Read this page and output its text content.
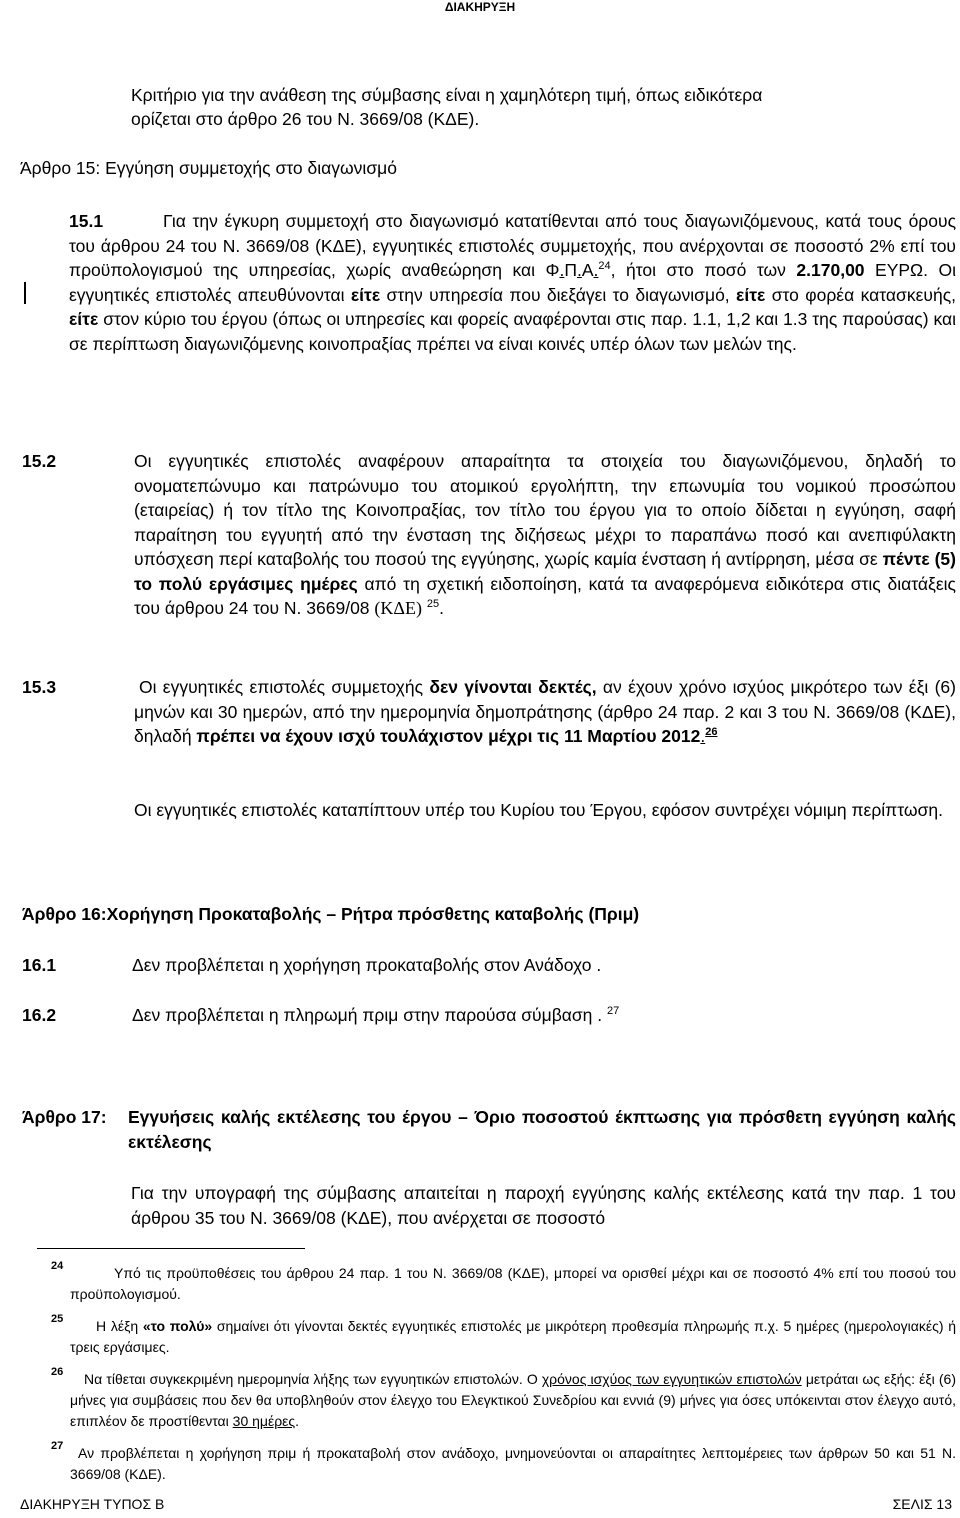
ΔΙΑΚΗΡΥΞΗ
Κριτήριο για την ανάθεση της σύμβασης είναι η χαμηλότερη τιμή, όπως ειδικότερα
ορίζεται στο άρθρο 26 του Ν. 3669/08 (ΚΔΕ).
Άρθρο 15: Εγγύηση συμμετοχής στο διαγωνισμό
15.1	Για την έγκυρη συμμετοχή στο διαγωνισμό κατατίθενται από τους διαγωνιζόμενους, κατά τους όρους του άρθρου 24 του Ν. 3669/08 (ΚΔΕ), εγγυητικές επιστολές συμμετοχής, που ανέρχονται σε ποσοστό 2% επί του προϋπολογισμού της υπηρεσίας, χωρίς αναθεώρηση και Φ.Π.Α.$^{24}$, ήτοι στο ποσό των 2.170,00 ΕΥΡΩ. Οι εγγυητικές επιστολές απευθύνονται είτε στην υπηρεσία που διεξάγει το διαγωνισμό, είτε στο φορέα κατασκευής, είτε στον κύριο του έργου (όπως οι υπηρεσίες και φορείς αναφέρονται στις παρ. 1.1, 1,2 και 1.3 της παρούσας) και σε περίπτωση διαγωνιζόμενης κοινοπραξίας πρέπει να είναι κοινές υπέρ όλων των μελών της.
15.2	Οι εγγυητικές επιστολές αναφέρουν απαραίτητα τα στοιχεία του διαγωνιζόμενου, δηλαδή το ονοματεπώνυμο και πατρώνυμο του ατομικού εργολήπτη, την επωνυμία του νομικού προσώπου (εταιρείας) ή τον τίτλο της Κοινοπραξίας, τον τίτλο του έργου για το οποίο δίδεται η εγγύηση, σαφή παραίτηση του εγγυητή από την ένσταση της διζήσεως μέχρι το παραπάνω ποσό και ανεπιφύλακτη υπόσχεση περί καταβολής του ποσού της εγγύησης, χωρίς καμία ένσταση ή αντίρρηση, μέσα σε πέντε (5) το πολύ εργάσιμες ημέρες από τη σχετική ειδοποίηση, κατά τα αναφερόμενα ειδικότερα στις διατάξεις του άρθρου 24 του Ν. 3669/08 (ΚΔΕ) $^{25}$.
15.3	Οι εγγυητικές επιστολές συμμετοχής δεν γίνονται δεκτές, αν έχουν χρόνο ισχύος μικρότερο των έξι (6) μηνών και 30 ημερών, από την ημερομηνία δημοπράτησης (άρθρο 24 παρ. 2 και 3 του Ν. 3669/08 (ΚΔΕ), δηλαδή πρέπει να έχουν ισχύ τουλάχιστον μέχρι τις 11 Μαρτίου 2012.26
Οι εγγυητικές επιστολές καταπίπτουν υπέρ του Κυρίου του Έργου, εφόσον συντρέχει νόμιμη περίπτωση.
Άρθρο 16:Χορήγηση Προκαταβολής – Ρήτρα πρόσθετης καταβολής (Πριμ)
16.1	Δεν προβλέπεται η χορήγηση προκαταβολής στον Ανάδοχο .
16.2	Δεν προβλέπεται η πληρωμή πριμ στην παρούσα σύμβαση . $^{27}$
Άρθρο 17: Εγγυήσεις καλής εκτέλεσης του έργου – Όριο ποσοστού έκπτωσης για πρόσθετη εγγύηση καλής εκτέλεσης
Για την υπογραφή της σύμβασης απαιτείται η παροχή εγγύησης καλής εκτέλεσης κατά την παρ. 1 του άρθρου 35 του Ν. 3669/08 (ΚΔΕ), που ανέρχεται σε ποσοστό
24	Υπό τις προϋποθέσεις του άρθρου 24 παρ. 1 του Ν. 3669/08 (ΚΔΕ), μπορεί να ορισθεί μέχρι και σε ποσοστό 4% επί του ποσού του προϋπολογισμού.
25	Η λέξη «το πολύ» σημαίνει ότι γίνονται δεκτές εγγυητικές επιστολές με μικρότερη προθεσμία πληρωμής π.χ. 5 ημέρες (ημερολογιακές) ή τρεις εργάσιμες.
26	Να τίθεται συγκεκριμένη ημερομηνία λήξης των εγγυητικών επιστολών. Ο χρόνος ισχύος των εγγυητικών επιστολών μετράται ως εξής: έξι (6) μήνες για συμβάσεις που δεν θα υποβληθούν στον έλεγχο του Ελεγκτικού Συνεδρίου και εννιά (9) μήνες για όσες υπόκεινται στον έλεγχο αυτό, επιπλέον δε προστίθενται 30 ημέρες.
27	Αν προβλέπεται η χορήγηση πριμ ή προκαταβολή στον ανάδοχο, μνημονεύονται οι απαραίτητες λεπτομέρειες των άρθρων 50 και 51 Ν. 3669/08 (ΚΔΕ).
ΔΙΑΚΗΡΥΞΗ ΤΥΠΟΣ Β	ΣΕΛΙΣ 13
